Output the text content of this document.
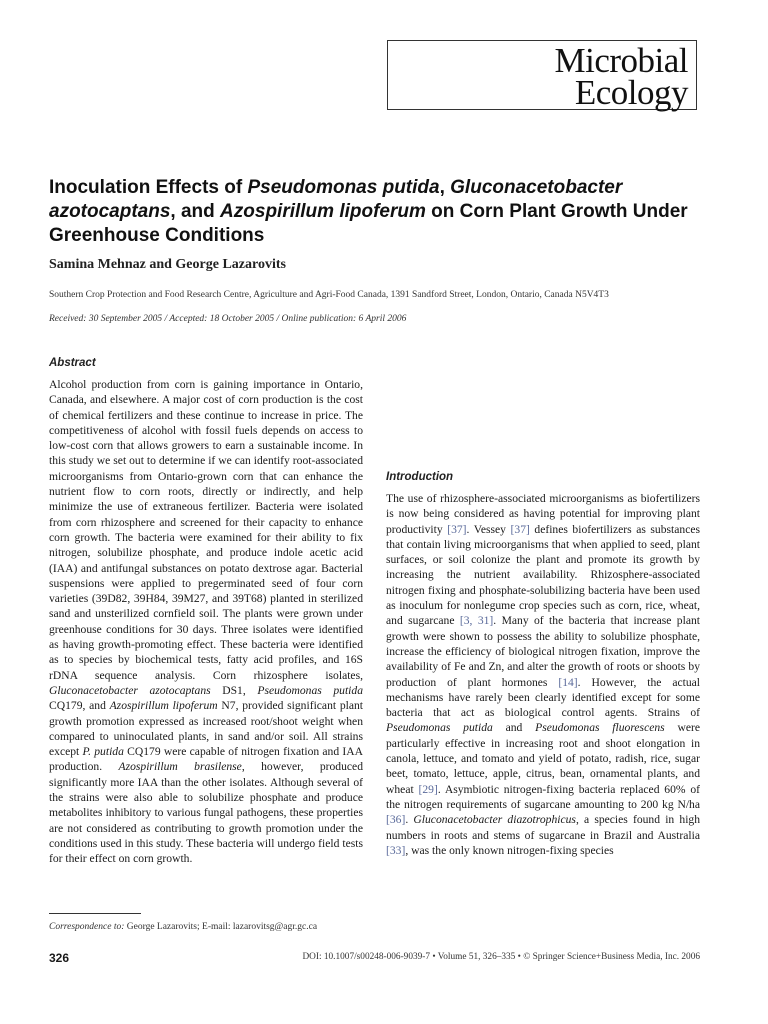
Microbial
Ecology
Inoculation Effects of Pseudomonas putida, Gluconacetobacter azotocaptans, and Azospirillum lipoferum on Corn Plant Growth Under Greenhouse Conditions
Samina Mehnaz and George Lazarovits
Southern Crop Protection and Food Research Centre, Agriculture and Agri-Food Canada, 1391 Sandford Street, London, Ontario, Canada N5V4T3
Received: 30 September 2005 / Accepted: 18 October 2005 / Online publication: 6 April 2006
Abstract

Alcohol production from corn is gaining importance in Ontario, Canada, and elsewhere. A major cost of corn production is the cost of chemical fertilizers and these continue to increase in price. The competitiveness of alcohol with fossil fuels depends on access to low-cost corn that allows growers to earn a sustainable income. In this study we set out to determine if we can identify root-associated microorganisms from Ontario-grown corn that can enhance the nutrient flow to corn roots, directly or indirectly, and help minimize the use of extraneous fertilizer. Bacteria were isolated from corn rhizosphere and screened for their capacity to enhance corn growth. The bacteria were examined for their ability to fix nitrogen, solubilize phosphate, and produce indole acetic acid (IAA) and antifungal substances on potato dextrose agar. Bacterial suspensions were applied to pregerminated seed of four corn varieties (39D82, 39H84, 39M27, and 39T68) planted in sterilized sand and unsterilized cornfield soil. The plants were grown under greenhouse conditions for 30 days. Three isolates were identified as having growth-promoting effect. These bacteria were identified as to species by biochemical tests, fatty acid profiles, and 16S rDNA sequence analysis. Corn rhizosphere isolates, Gluconacetobacter azotocaptans DS1, Pseudomonas putida CQ179, and Azospirillum lipoferum N7, provided significant plant growth promotion expressed as increased root/shoot weight when compared to uninoculated plants, in sand and/or soil. All strains except P. putida CQ179 were capable of nitrogen fixation and IAA production. Azospirillum brasilense, however, produced significantly more IAA than the other isolates. Although several of the strains were also able to solubilize phosphate and produce metabolites inhibitory to various fungal pathogens, these properties are not considered as contributing to growth promotion under the conditions used in this study. These bacteria will undergo field tests for their effect on corn growth.

Introduction

The use of rhizosphere-associated microorganisms as biofertilizers is now being considered as having potential for improving plant productivity [37]. Vessey [37] defines biofertilizers as substances that contain living microorganisms that when applied to seed, plant surfaces, or soil colonize the plant and promote its growth by increasing the nutrient availability. Rhizosphere-associated nitrogen fixing and phosphate-solubilizing bacteria have been used as inoculum for nonlegume crop species such as corn, rice, wheat, and sugarcane [3, 31]. Many of the bacteria that increase plant growth were shown to possess the ability to solubilize phosphate, increase the efficiency of biological nitrogen fixation, improve the availability of Fe and Zn, and alter the growth of roots or shoots by production of plant hormones [14]. However, the actual mechanisms have rarely been clearly identified except for some bacteria that act as biological control agents. Strains of Pseudomonas putida and Pseudomonas fluorescens were particularly effective in increasing root and shoot elongation in canola, lettuce, and tomato and yield of potato, radish, rice, sugar beet, tomato, lettuce, apple, citrus, bean, ornamental plants, and wheat [29]. Asymbiotic nitrogen-fixing bacteria replaced 60% of the nitrogen requirements of sugarcane amounting to 200 kg N/ha [36]. Gluconacetobacter diazotrophicus, a species found in high numbers in roots and stems of sugarcane in Brazil and Australia [33], was the only known nitrogen-fixing species

Correspondence to: George Lazarovits; E-mail: lazarovitsg@agr.gc.ca
326	DOI: 10.1007/s00248-006-9039-7 • Volume 51, 326–335 • © Springer Science+Business Media, Inc. 2006
